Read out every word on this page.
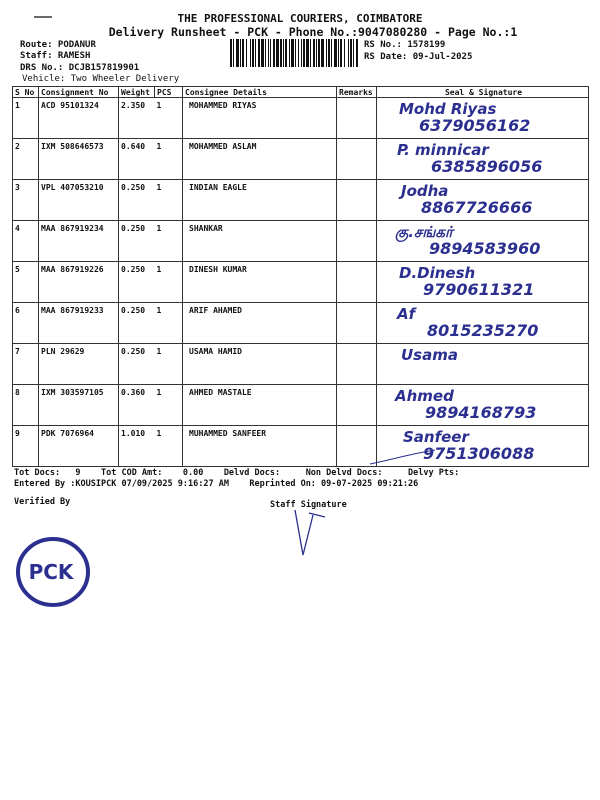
THE PROFESSIONAL COURIERS, COIMBATORE
Delivery Runsheet - PCK - Phone No.:9047080280 - Page No.:1
Route: PODANUR
Staff: RAMESH
DRS No.: DCJB157819901
Vehicle: Two Wheeler Delivery
RS No.: 1578199
RS Date: 09-Jul-2025
S No	Consignment No	Weight	PCS	Consignee Details	Remarks	Seal & Signature
1	ACD 95101324	2.350	1	MOHAMMED RIYAS		Mohd Riyas
6379056162

2	IXM 508646573	0.640	1	MOHAMMED ASLAM		P. minnicar
6385896056

3	VPL 407053210	0.250	1	INDIAN EAGLE		Jodha
8867726666

4	MAA 867919234	0.250	1	SHANKAR		கு.சங்கர்
9894583960

5	MAA 867919226	0.250	1	DINESH KUMAR		D.Dinesh
9790611321

6	MAA 867919233	0.250	1	ARIF AHAMED		Af
8015235270

7	PLN 29629	0.250	1	USAMA HAMID		Usama

8	IXM 303597105	0.360	1	AHMED MASTALE		Ahmed
9894168793

9	PDK 7076964	1.010	1	MUHAMMED SANFEER		Sanfeer
9751306088
Tot Docs:   9    Tot COD Amt:    0.00    Delvd Docs:     Non Delvd Docs:     Delvy Pts:
Entered By :KOUSIPCK 07/09/2025 9:16:27 AM    Reprinted On: 09-07-2025 09:21:26
Verified By	Staff Signature
PCK
